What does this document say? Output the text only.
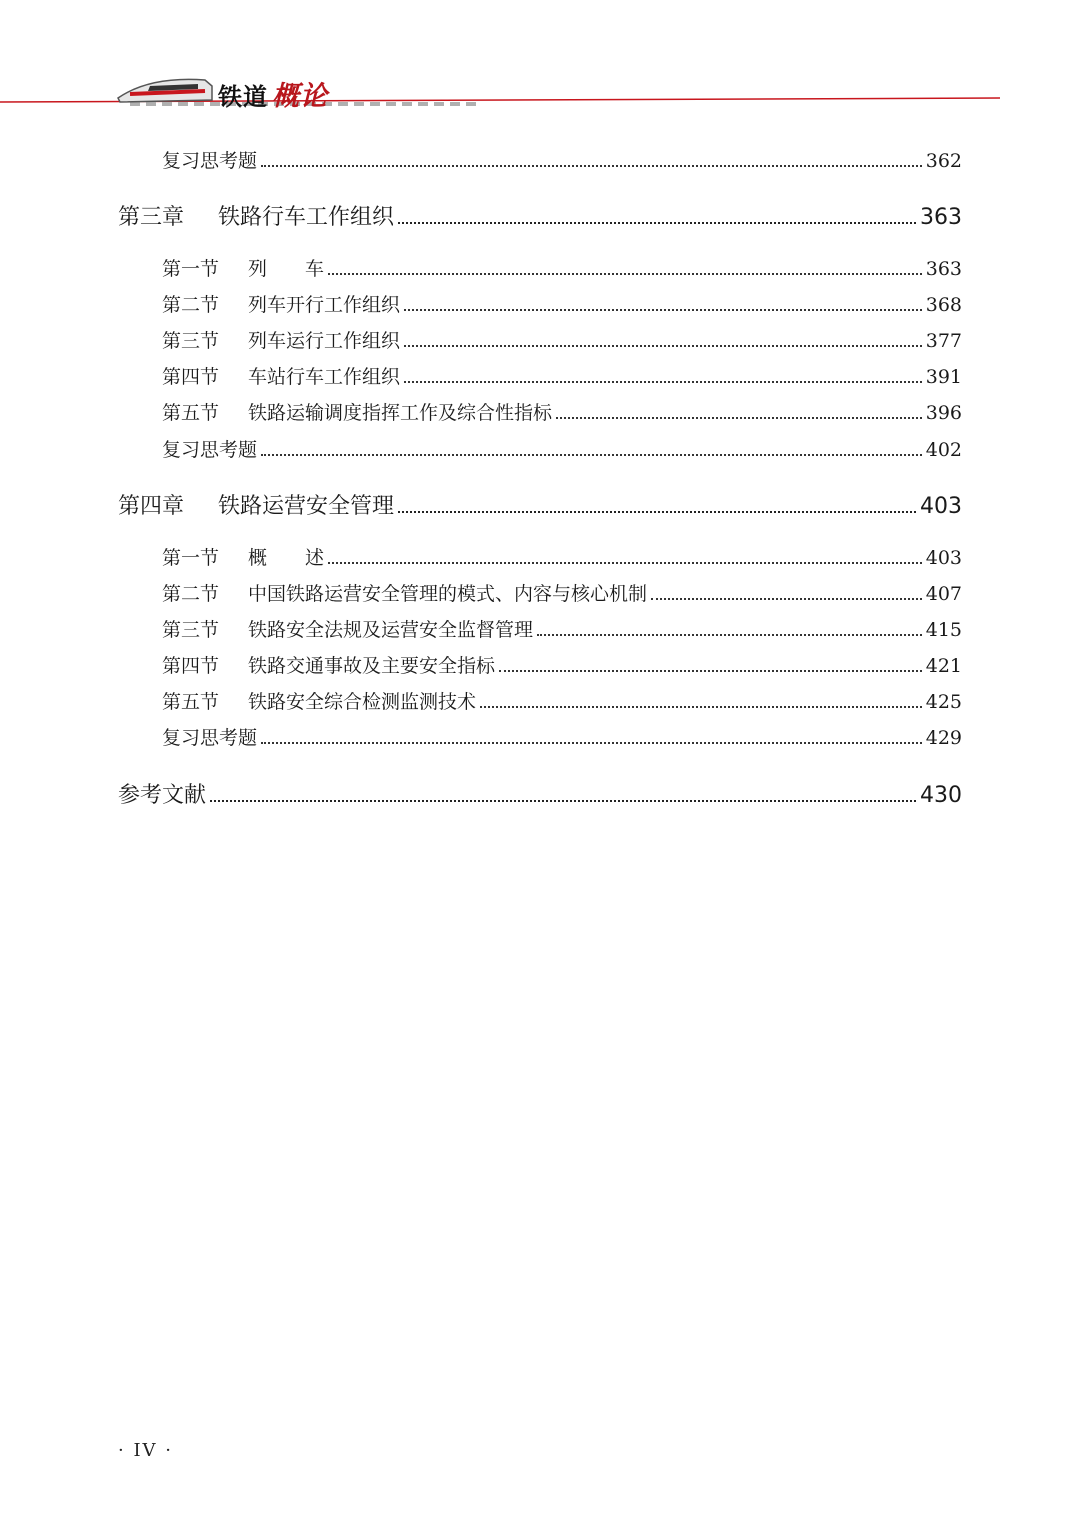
铁道 概论
复习思考题	362
第三章	铁路行车工作组织	363
第一节	列　　车	363
第二节	列车开行工作组织	368
第三节	列车运行工作组织	377
第四节	车站行车工作组织	391
第五节	铁路运输调度指挥工作及综合性指标	396
复习思考题	402
第四章	铁路运营安全管理	403
第一节	概　　述	403
第二节	中国铁路运营安全管理的模式、内容与核心机制	407
第三节	铁路安全法规及运营安全监督管理	415
第四节	铁路交通事故及主要安全指标	421
第五节	铁路安全综合检测监测技术	425
复习思考题	429
参考文献	430
· IV ·
